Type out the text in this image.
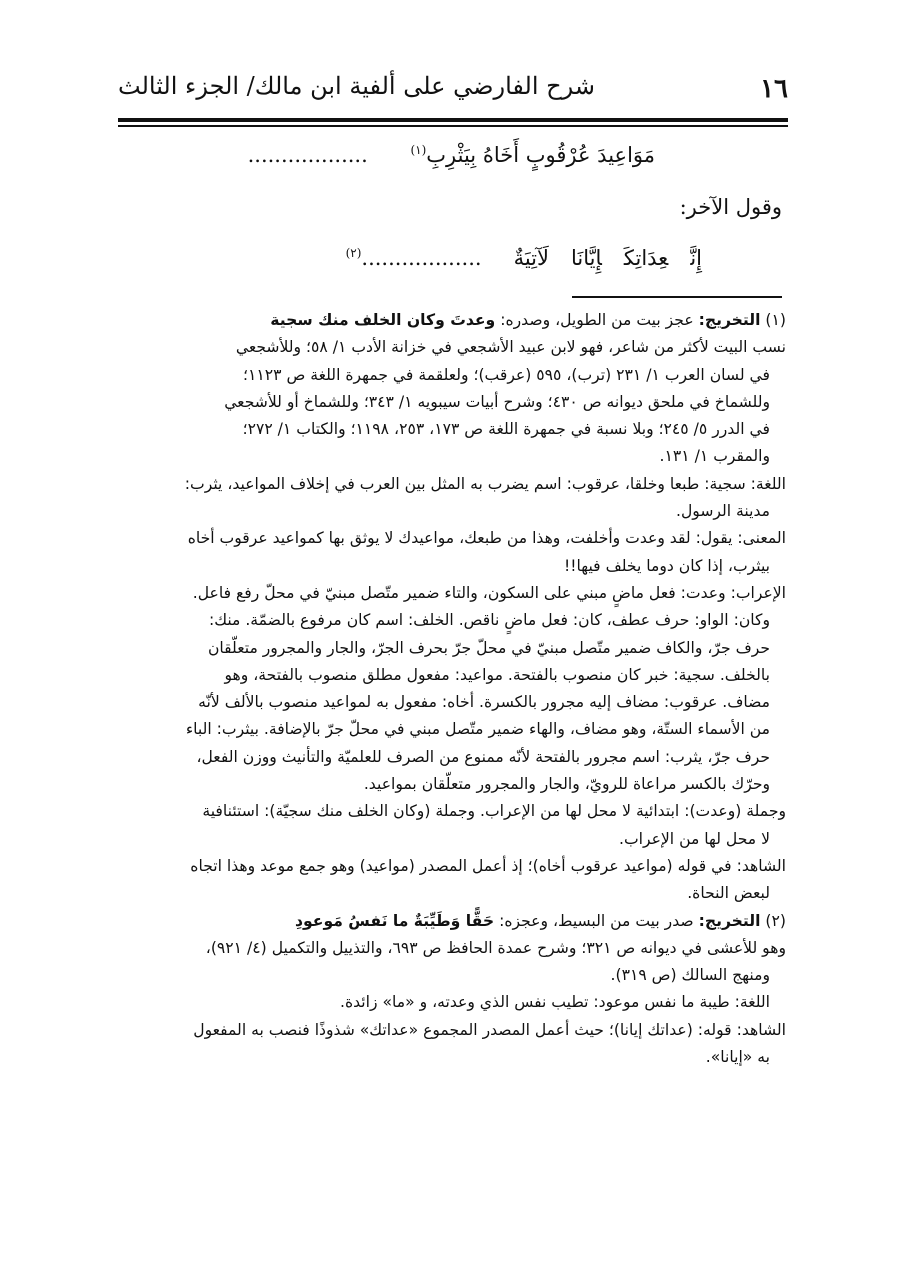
١٦
شرح الفارضي على ألفية ابن مالك/ الجزء الثالث
مَوَاعِيدَ عُرْقُوبٍ أَخَاهُ بِيَثْرِبِ$^{(١)}$ ..................
وقول الآخر:
إِنَّعِدَاتِكَإِيَّانَالَآتِيَةٌ..................$^{(٢)}$

(١) التخريج: عجز بيت من الطويل، وصدره: وعدتَ وكان الخلف منك سجية

نسب البيت لأكثر من شاعر، فهو لابن عبيد الأشجعي في خزانة الأدب ١/ ٥٨؛ وللأشجعي

في لسان العرب ١/ ٢٣١ (ترب)، ٥٩٥ (عرقب)؛ ولعلقمة في جمهرة اللغة ص ١١٢٣؛

وللشماخ في ملحق ديوانه ص ٤٣٠؛ وشرح أبيات سيبويه ١/ ٣٤٣؛ وللشماخ أو للأشجعي

في الدرر ٥/ ٢٤٥؛ وبلا نسبة في جمهرة اللغة ص ١٧٣، ٢٥٣، ١١٩٨؛ والكتاب ١/ ٢٧٢؛

والمقرب ١/ ١٣١.

اللغة: سجية: طبعا وخلقا، عرقوب: اسم يضرب به المثل بين العرب في إخلاف المواعيد، يثرب:

مدينة الرسول.

المعنى: يقول: لقد وعدت وأخلفت، وهذا من طبعك، مواعيدك لا يوثق بها كمواعيد عرقوب أخاه

بيثرب، إذا كان دوما يخلف فيها!!

الإعراب: وعدت: فعل ماضٍ مبني على السكون، والتاء ضمير متّصل مبنيّ في محلّ رفع فاعل.

وكان: الواو: حرف عطف، كان: فعل ماضٍ ناقص. الخلف: اسم كان مرفوع بالضمّة. منك:

حرف جرّ، والكاف ضمير متّصل مبنيّ في محلّ جرّ بحرف الجرّ، والجار والمجرور متعلّقان

بالخلف. سجية: خبر كان منصوب بالفتحة. مواعيد: مفعول مطلق منصوب بالفتحة، وهو

مضاف. عرقوب: مضاف إليه مجرور بالكسرة. أخاه: مفعول به لمواعيد منصوب بالألف لأنّه

من الأسماء الستّة، وهو مضاف، والهاء ضمير متّصل مبني في محلّ جرّ بالإضافة. بيثرب: الباء

حرف جرّ، يثرب: اسم مجرور بالفتحة لأنّه ممنوع من الصرف للعلميّة والتأنيث ووزن الفعل،

وحرّك بالكسر مراعاة للرويّ، والجار والمجرور متعلّقان بمواعيد.

وجملة (وعدت): ابتدائية لا محل لها من الإعراب. وجملة (وكان الخلف منك سجيّة): استئنافية

لا محل لها من الإعراب.

الشاهد: في قوله (مواعيد عرقوب أخاه)؛ إذ أعمل المصدر (مواعيد) وهو جمع موعد وهذا اتجاه

لبعض النحاة.

(٢) التخريج: صدر بيت من البسيط، وعجزه: حَقًّا وَطَيِّبَةٌ ما نَفسُ مَوعودِ

وهو للأعشى في ديوانه ص ٣٢١؛ وشرح عمدة الحافظ ص ٦٩٣، والتذييل والتكميل (٤/ ٩٢١)،

ومنهج السالك (ص ٣١٩).

اللغة: طيبة ما نفس موعود: تطيب نفس الذي وعدته، و «ما» زائدة.

الشاهد: قوله: (عداتك إيانا)؛ حيث أعمل المصدر المجموع «عداتك» شذوذًا فنصب به المفعول

به «إيانا».
